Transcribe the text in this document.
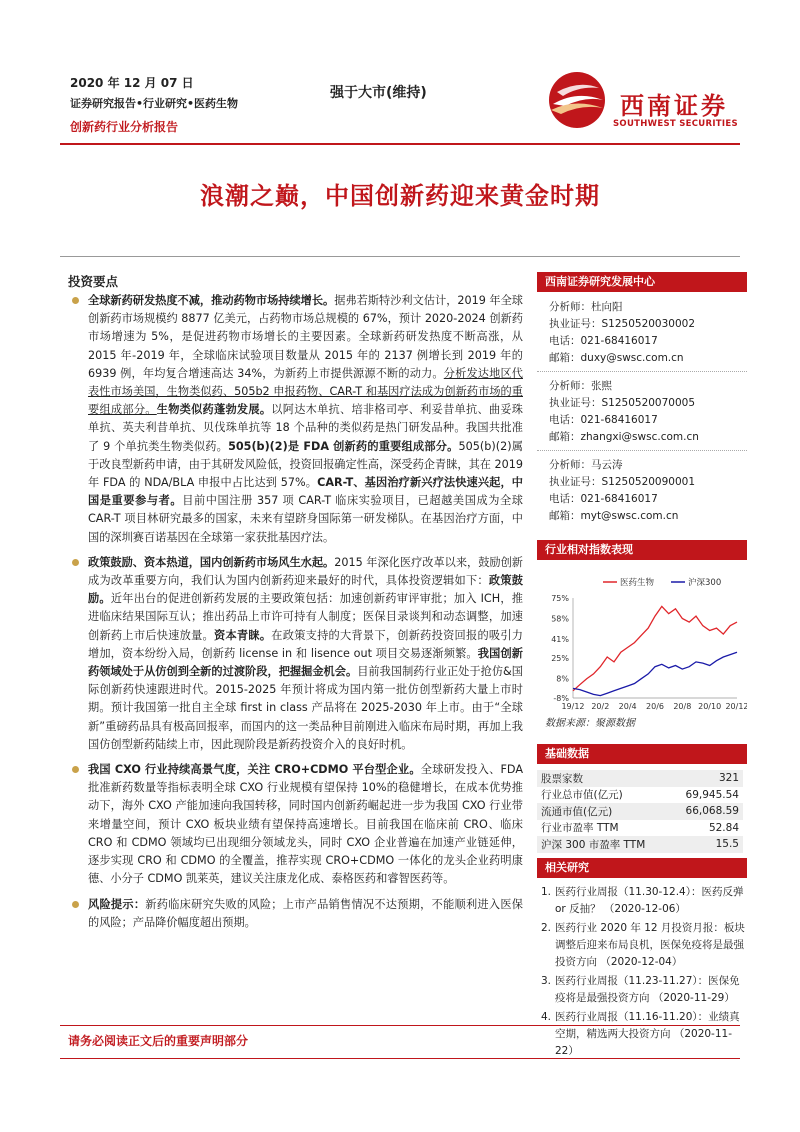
2020 年 12 月 07 日
证券研究报告•行业研究•医药生物
创新药行业分析报告
强于大市(维持)	西南证券
SOUTHWEST SECURITIES
浪潮之巅，中国创新药迎来黄金时期
投资要点
全球新药研发热度不减，推动药物市场持续增长。据弗若斯特沙利文估计，2019 年全球创新药市场规模约 8877 亿美元，占药物市场总规模的 67%，预计 2020-2024 创新药市场增速为 5%，是促进药物市场增长的主要因素。全球新药研发热度不断高涨，从 2015 年-2019 年，全球临床试验项目数量从 2015 年的 2137 例增长到 2019 年的 6939 例，年均复合增速高达 34%，为新药上市提供源源不断的动力。分析发达地区代表性市场美国，生物类似药、505b2 申报药物、CAR-T 和基因疗法成为创新药市场的重要组成部分。生物类似药蓬勃发展。以阿达木单抗、培非格司亭、利妥昔单抗、曲妥珠单抗、英夫利昔单抗、贝伐珠单抗等 18 个品种的类似药是热门研发品种。我国共批准了 9 个单抗类生物类似药。505(b)(2)是 FDA 创新药的重要组成部分。505(b)(2)属于改良型新药申请，由于其研发风险低，投资回报确定性高，深受药企青睐，其在 2019 年 FDA 的 NDA/BLA 申报中占比达到 57%。CAR-T、基因治疗新兴疗法快速兴起，中国是重要参与者。目前中国注册 357 项 CAR-T 临床实验项目，已超越美国成为全球 CAR-T 项目林研究最多的国家，未来有望跻身国际第一研发梯队。在基因治疗方面，中国的深圳赛百诺基因在全球第一家获批基因疗法。
政策鼓励、资本热道，国内创新药市场风生水起。2015 年深化医疗改革以来，鼓励创新成为改革重要方向，我们认为国内创新药迎来最好的时代，具体投资逻辑如下：政策鼓励。近年出台的促进创新药发展的主要政策包括：加速创新药审评审批；加入 ICH，推进临床结果国际互认；推出药品上市许可持有人制度；医保目录谈判和动态调整，加速创新药上市后快速放量。资本青睐。在政策支持的大背景下，创新药投资回报的吸引力增加，资本纷纷入局，创新药 license in 和 lisence out 项目交易逐渐频繁。我国创新药领域处于从仿创到全新的过渡阶段，把握掘金机会。目前我国制药行业正处于抢仿&国际创新药快速跟进时代。2015-2025 年预计将成为国内第一批仿创型新药大量上市时期。预计我国第一批自主全球 first in class 产品将在 2025-2030 年上市。由于“全球新”重磅药品具有极高回报率，而国内的这一类品种目前刚进入临床布局时期，再加上我国仿创型新药陆续上市，因此现阶段是新药投资介入的良好时机。
我国 CXO 行业持续高景气度，关注 CRO+CDMO 平台型企业。全球研发投入、FDA 批准新药数量等指标表明全球 CXO 行业规模有望保持 10%的稳健增长，在成本优势推动下，海外 CXO 产能加速向我国转移，同时国内创新药崛起进一步为我国 CXO 行业带来增量空间，预计 CXO 板块业绩有望保持高速增长。目前我国在临床前 CRO、临床 CRO 和 CDMO 领域均已出现细分领域龙头，同时 CXO 企业普遍在加速产业链延伸，逐步实现 CRO 和 CDMO 的全覆盖，推荐实现 CRO+CDMO 一体化的龙头企业药明康德、小分子 CDMO 凯莱英，建议关注康龙化成、泰格医药和睿智医药等。
风险提示：新药临床研究失败的风险；上市产品销售情况不达预期，不能顺利进入医保的风险；产品降价幅度超出预期。
西南证券研究发展中心
分析师：杜向阳
执业证号：S1250520030002
电话：021-68416017
邮箱：duxy@swsc.com.cn
分析师：张熙
执业证号：S1250520070005
电话：021-68416017
邮箱：zhangxi@swsc.com.cn
分析师：马云涛
执业证号：S1250520090001
电话：021-68416017
邮箱：myt@swsc.com.cn
行业相对指数表现
75%
58%
41%
25%
8%
-8%
19/12 20/2 20/4 20/6 20/8 20/10 20/12
医药生物	沪深300
数据来源：聚源数据
基础数据
股票家数	321
行业总市值(亿元)	69,945.54
流通市值(亿元)	66,068.59
行业市盈率 TTM	52.84
沪深 300 市盈率 TTM	15.5
相关研究
1. 医药行业周报（11.30-12.4）：医药反弹 or 反抽？ （2020-12-06）
2. 医药行业 2020 年 12 月投资月报：板块调整后迎来布局良机，医保免疫将是最强投资方向 （2020-12-04）
3. 医药行业周报（11.23-11.27）：医保免疫将是最强投资方向 （2020-11-29）
4. 医药行业周报（11.16-11.20）：业绩真空期，精选两大投资方向 （2020-11-22）
请务必阅读正文后的重要声明部分
